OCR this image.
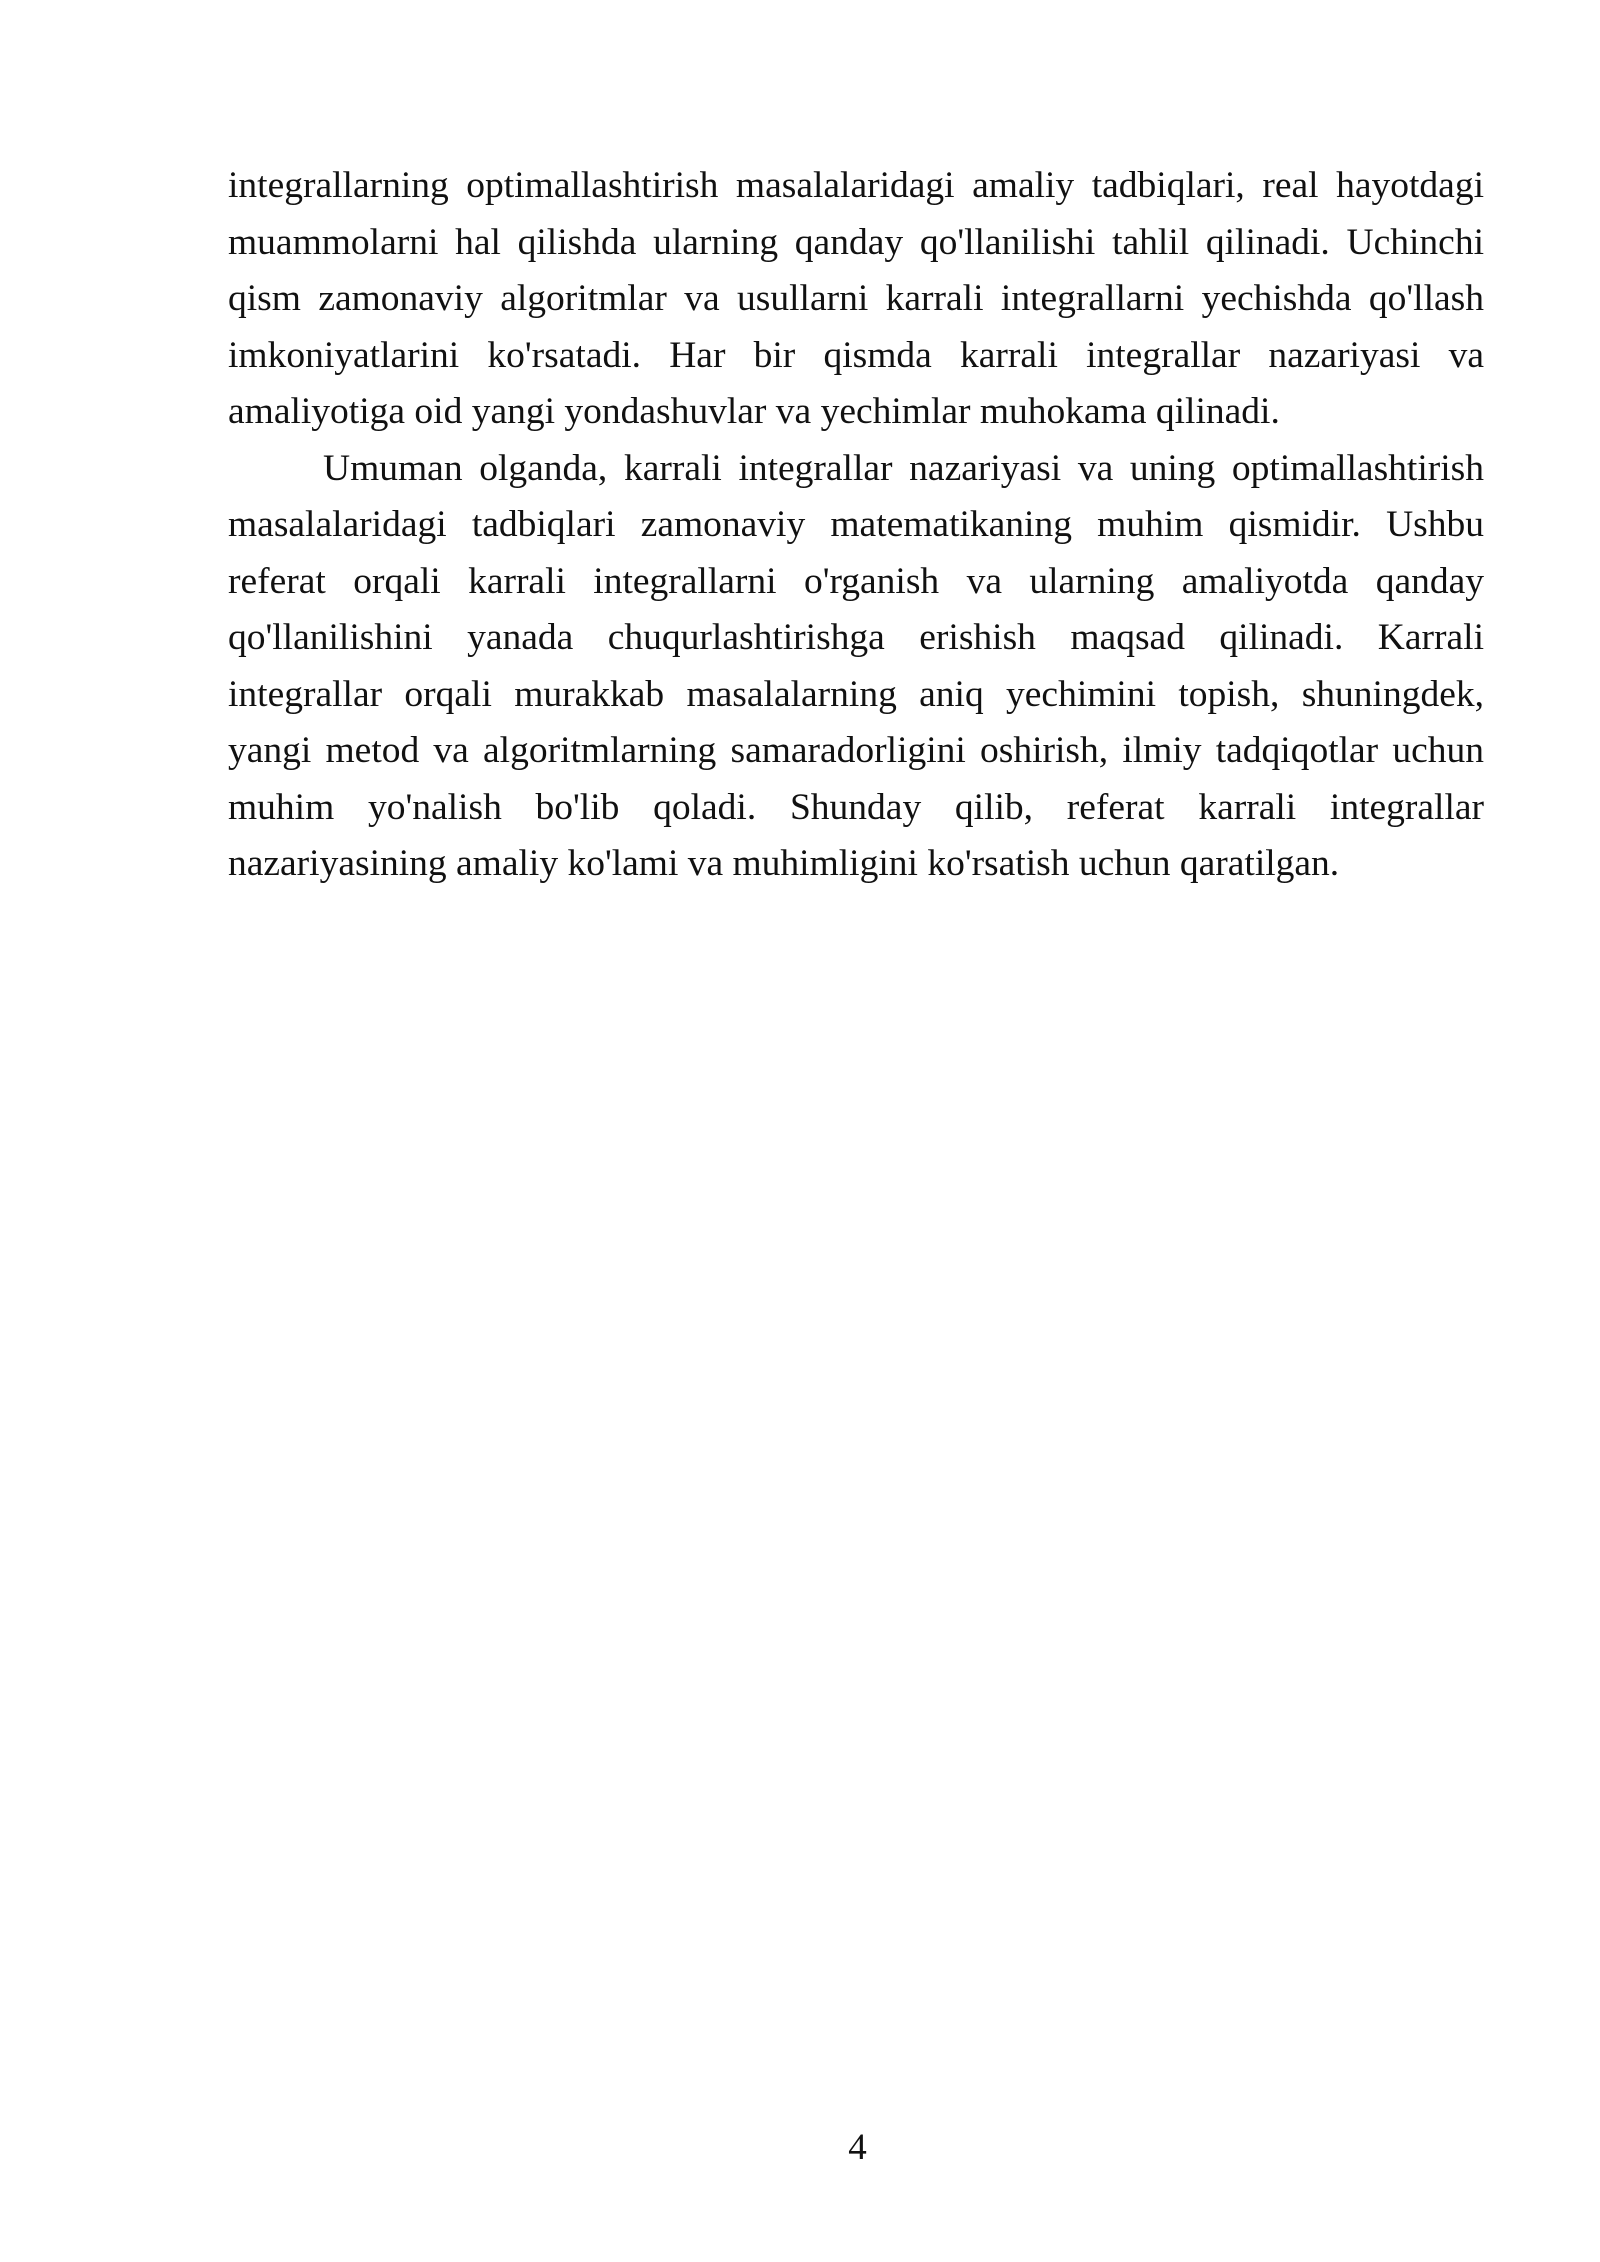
integrallarning optimallashtirish masalalaridagi amaliy tadbiqlari, real hayotdagi muammolarni hal qilishda ularning qanday qo'llanilishi tahlil qilinadi. Uchinchi qism zamonaviy algoritmlar va usullarni karrali integrallarni yechishda qo'llash imkoniyatlarini ko'rsatadi. Har bir qismda karrali integrallar nazariyasi va amaliyotiga oid yangi yondashuvlar va yechimlar muhokama qilinadi.

Umuman olganda, karrali integrallar nazariyasi va uning optimallashtirish masalalaridagi tadbiqlari zamonaviy matematikaning muhim qismidir. Ushbu referat orqali karrali integrallarni o'rganish va ularning amaliyotda qanday qo'llanilishini yanada chuqurlashtirishga erishish maqsad qilinadi. Karrali integrallar orqali murakkab masalalarning aniq yechimini topish, shuningdek, yangi metod va algoritmlarning samaradorligini oshirish, ilmiy tadqiqotlar uchun muhim yo'nalish bo'lib qoladi. Shunday qilib, referat karrali integrallar nazariyasining amaliy ko'lami va muhimligini ko'rsatish uchun qaratilgan.

4
